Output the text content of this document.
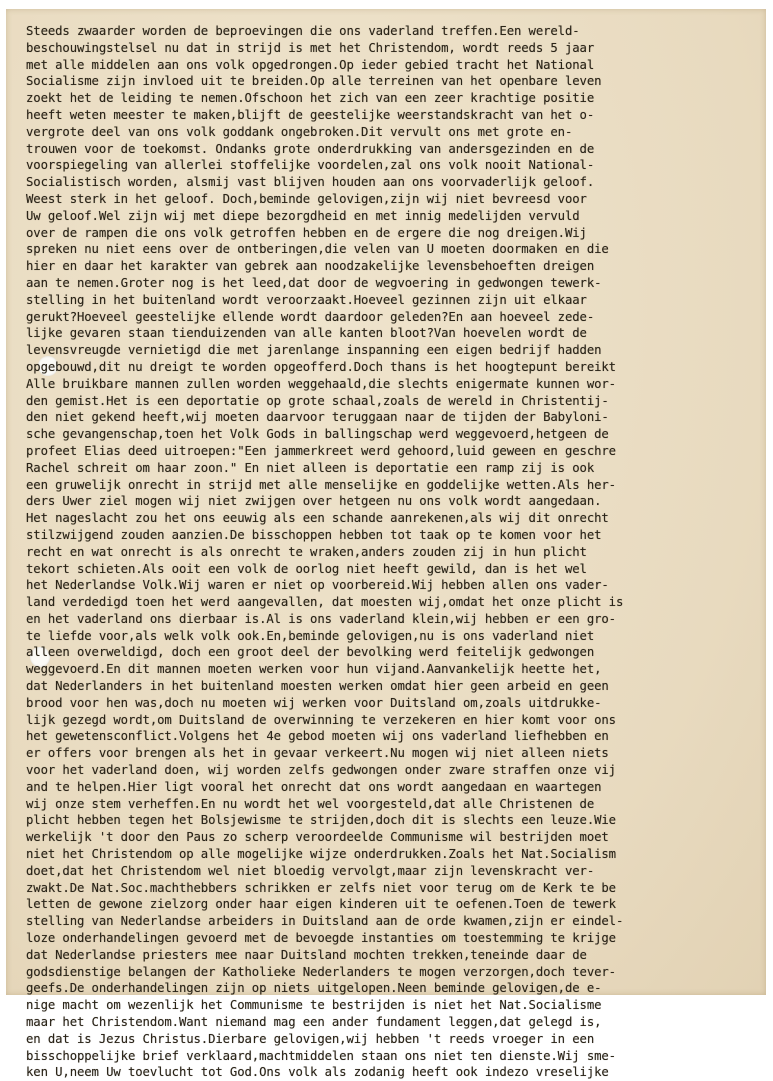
Steeds zwaarder worden de beproevingen die ons vaderland treffen.Een wereld-
beschouwingstelsel nu dat in strijd is met het Christendom, wordt reeds 5 jaar
met alle middelen aan ons volk opgedrongen.Op ieder gebied tracht het National
Socialisme zijn invloed uit te breiden.Op alle terreinen van het openbare leven
zoekt het de leiding te nemen.Ofschoon het zich van een zeer krachtige positie
heeft weten meester te maken,blijft de geestelijke weerstandskracht van het o-
vergrote deel van ons volk goddank ongebroken.Dit vervult ons met grote en-
trouwen voor de toekomst. Ondanks grote onderdrukking van andersgezinden en de
voorspiegeling van allerlei stoffelijke voordelen,zal ons volk nooit National-
Socialistisch worden, alsmij vast blijven houden aan ons voorvaderlijk geloof.
Weest sterk in het geloof. Doch,beminde gelovigen,zijn wij niet bevreesd voor
Uw geloof.Wel zijn wij met diepe bezorgdheid en met innig medelijden vervuld
over de rampen die ons volk getroffen hebben en de ergere die nog dreigen.Wij
spreken nu niet eens over de ontberingen,die velen van U moeten doormaken en die
hier en daar het karakter van gebrek aan noodzakelijke levensbehoeften dreigen
aan te nemen.Groter nog is het leed,dat door de wegvoering in gedwongen tewerk-
stelling in het buitenland wordt veroorzaakt.Hoeveel gezinnen zijn uit elkaar
gerukt?Hoeveel geestelijke ellende wordt daardoor geleden?En aan hoeveel zede-
lijke gevaren staan tienduizenden van alle kanten bloot?Van hoevelen wordt de
levensvreugde vernietigd die met jarenlange inspanning een eigen bedrijf hadden
opgebouwd,dit nu dreigt te worden opgeofferd.Doch thans is het hoogtepunt bereikt
Alle bruikbare mannen zullen worden weggehaald,die slechts enigermate kunnen wor-
den gemist.Het is een deportatie op grote schaal,zoals de wereld in Christentij-
den niet gekend heeft,wij moeten daarvoor teruggaan naar de tijden der Babyloni-
sche gevangenschap,toen het Volk Gods in ballingschap werd weggevoerd,hetgeen de
profeet Elias deed uitroepen:"Een jammerkreet werd gehoord,luid geween en geschre
Rachel schreit om haar zoon." En niet alleen is deportatie een ramp zij is ook
een gruwelijk onrecht in strijd met alle menselijke en goddelijke wetten.Als her-
ders Uwer ziel mogen wij niet zwijgen over hetgeen nu ons volk wordt aangedaan.
Het nageslacht zou het ons eeuwig als een schande aanrekenen,als wij dit onrecht
stilzwijgend zouden aanzien.De bisschoppen hebben tot taak op te komen voor het
recht en wat onrecht is als onrecht te wraken,anders zouden zij in hun plicht
tekort schieten.Als ooit een volk de oorlog niet heeft gewild, dan is het wel
het Nederlandse Volk.Wij waren er niet op voorbereid.Wij hebben allen ons vader-
land verdedigd toen het werd aangevallen, dat moesten wij,omdat het onze plicht is
en het vaderland ons dierbaar is.Al is ons vaderland klein,wij hebben er een gro-
te liefde voor,als welk volk ook.En,beminde gelovigen,nu is ons vaderland niet
alleen overweldigd, doch een groot deel der bevolking werd feitelijk gedwongen
weggevoerd.En dit mannen moeten werken voor hun vijand.Aanvankelijk heette het,
dat Nederlanders in het buitenland moesten werken omdat hier geen arbeid en geen
brood voor hen was,doch nu moeten wij werken voor Duitsland om,zoals uitdrukke-
lijk gezegd wordt,om Duitsland de overwinning te verzekeren en hier komt voor ons
het gewetensconflict.Volgens het 4e gebod moeten wij ons vaderland liefhebben en
er offers voor brengen als het in gevaar verkeert.Nu mogen wij niet alleen niets
voor het vaderland doen, wij worden zelfs gedwongen onder zware straffen onze vij
and te helpen.Hier ligt vooral het onrecht dat ons wordt aangedaan en waartegen
wij onze stem verheffen.En nu wordt het wel voorgesteld,dat alle Christenen de
plicht hebben tegen het Bolsjewisme te strijden,doch dit is slechts een leuze.Wie
werkelijk 't door den Paus zo scherp veroordeelde Communisme wil bestrijden moet
niet het Christendom op alle mogelijke wijze onderdrukken.Zoals het Nat.Socialism
doet,dat het Christendom wel niet bloedig vervolgt,maar zijn levenskracht ver-
zwakt.De Nat.Soc.machthebbers schrikken er zelfs niet voor terug om de Kerk te be
letten de gewone zielzorg onder haar eigen kinderen uit te oefenen.Toen de tewerk
stelling van Nederlandse arbeiders in Duitsland aan de orde kwamen,zijn er eindel-
loze onderhandelingen gevoerd met de bevoegde instanties om toestemming te krijge
dat Nederlandse priesters mee naar Duitsland mochten trekken,teneinde daar de
godsdienstige belangen der Katholieke Nederlanders te mogen verzorgen,doch tever-
geefs.De onderhandelingen zijn op niets uitgelopen.Neen beminde gelovigen,de e-
nige macht om wezenlijk het Communisme te bestrijden is niet het Nat.Socialisme
maar het Christendom.Want niemand mag een ander fundament leggen,dat gelegd is,
en dat is Jezus Christus.Dierbare gelovigen,wij hebben 't reeds vroeger in een
bisschoppelijke brief verklaard,machtmiddelen staan ons niet ten dienste.Wij sme-
ken U,neem Uw toevlucht tot God.Ons volk als zodanig heeft ook indezo vreselijke
